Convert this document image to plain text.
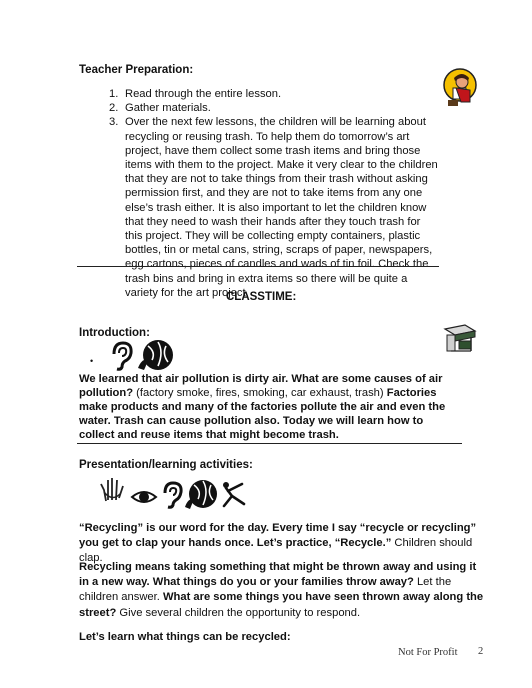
Teacher Preparation:
1. Read through the entire lesson.
2. Gather materials.
3. Over the next few lessons, the children will be learning about recycling or reusing trash. To help them do tomorrow’s art project, have them collect some trash items and bring those items with them to the project. Make it very clear to the children that they are not to take things from their trash without asking permission first, and they are not to take items from any one else’s trash either. It is also important to let the children know that they need to wash their hands after they touch trash for this project. They will be collecting empty containers, plastic bottles, tin or metal cans, string, scraps of paper, newspapers, egg cartons, pieces of candles and wads of tin foil. Check the trash bins and bring in extra items so there will be quite a variety for the art project.
CLASSTIME:
Introduction:
•
We learned that air pollution is dirty air. What are some causes of air pollution? (factory smoke, fires, smoking, car exhaust, trash) Factories make products and many of the factories pollute the air and even the water. Trash can cause pollution also. Today we will learn how to collect and reuse items that might become trash.
Presentation/learning activities:
“Recycling” is our word for the day. Every time I say “recycle or recycling” you get to clap your hands once. Let’s practice, “Recycle.” Children should clap.
Recycling means taking something that might be thrown away and using it in a new way. What things do you or your families throw away? Let the children answer. What are some things you have seen thrown away along the street? Give several children the opportunity to respond.
Let’s learn what things can be recycled:
Not For Profit 2
